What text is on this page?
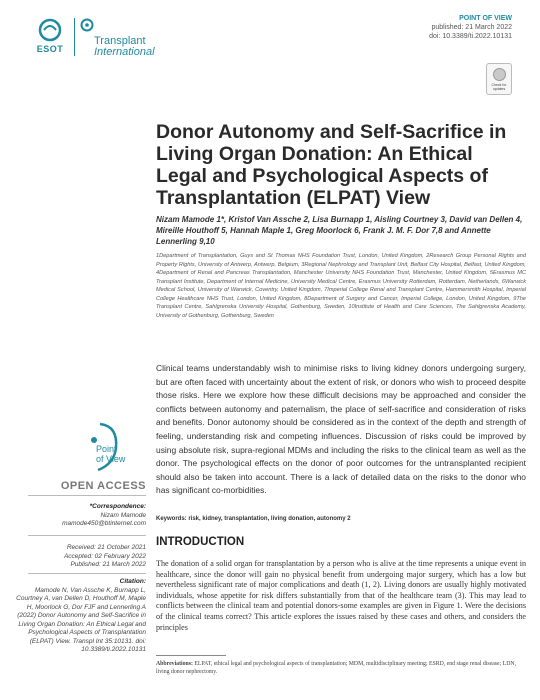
ESOT
Transplant
International
POINT OF VIEW
published: 21 March 2022
doi: 10.3389/ti.2022.10131
Check for updates
Donor Autonomy and Self-Sacrifice in Living Organ Donation: An Ethical Legal and Psychological Aspects of Transplantation (ELPAT) View
Nizam Mamode 1*, Kristof Van Assche 2, Lisa Burnapp 1, Aisling Courtney 3, David van Dellen 4, Mireille Houthoff 5, Hannah Maple 1, Greg Moorlock 6, Frank J. M. F. Dor 7,8 and Annette Lennerling 9,10
1Department of Transplantation, Guys and St Thomas NHS Foundation Trust, London, United Kingdom, 2Research Group Personal Rights and Property Rights, University of Antwerp, Antwerp, Belgium, 3Regional Nephrology and Transplant Unit, Belfast City Hospital, Belfast, United Kingdom, 4Department of Renal and Pancreas Transplantation, Manchester University NHS Foundation Trust, Manchester, United Kingdom, 5Erasmus MC Transplant Institute, Department of Internal Medicine, University Medical Centre, Erasmus University Rotterdam, Rotterdam, Netherlands, 6Warwick Medical School, University of Warwick, Coventry, United Kingdom, 7Imperial College Renal and Transplant Centre, Hammersmith Hospital, Imperial College Healthcare NHS Trust, London, United Kingdom, 8Department of Surgery and Cancer, Imperial College, London, United Kingdom, 9The Transplant Centre, Sahlgrenska University Hospital, Gothenburg, Sweden, 10Institute of Health and Care Sciences, The Sahlgrenska Academy, University of Gothenburg, Gothenburg, Sweden
Clinical teams understandably wish to minimise risks to living kidney donors undergoing surgery, but are often faced with uncertainty about the extent of risk, or donors who wish to proceed despite those risks. Here we explore how these difficult decisions may be approached and consider the conflicts between autonomy and paternalism, the place of self-sacrifice and consideration of risks and benefits. Donor autonomy should be considered as in the context of the depth and strength of feeling, understanding risk and competing influences. Discussion of risks could be improved by using absolute risk, supra-regional MDMs and including the risks to the clinical team as well as the donor. The psychological effects on the donor of poor outcomes for the untransplanted recipient should also be taken into account. There is a lack of detailed data on the risks to the donor who has significant co-morbidities.
Keywords: risk, kidney, transplantation, living donation, autonomy 2
INTRODUCTION
The donation of a solid organ for transplantation by a person who is alive at the time represents a unique event in healthcare, since the donor will gain no physical benefit from undergoing major surgery, which has a low but nevertheless significant rate of major complications and death (1, 2). Living donors are usually highly motivated individuals, whose appetite for risk differs substantially from that of the healthcare team (3). This may lead to conflicts between the clinical team and potential donors-some examples are given in Figure 1. Were the decisions of the clinical teams correct? This article explores the issues raised by these cases and others, and considers the principles
Abbreviations: ELPAT, ethical legal and psychological aspects of transplantation; MDM, multidisciplinary meeting; ESRD, end stage renal disease; LDN, living donor nephrectomy.
Point
of View
OPEN ACCESS
*Correspondence:
Nizam Mamode
mamode450@btinternet.com
Received: 21 October 2021
Accepted: 02 February 2022
Published: 21 March 2022
Citation:
Mamode N, Van Assche K, Burnapp L, Courtney A, van Dellen D, Houthoff M, Maple H, Moorlock G, Dor FJF and Lennerling A (2022) Donor Autonomy and Self-Sacrifice in Living Organ Donation: An Ethical Legal and Psychological Aspects of Transplantation (ELPAT) View. Transpl Int 35:10131. doi: 10.3389/ti.2022.10131
